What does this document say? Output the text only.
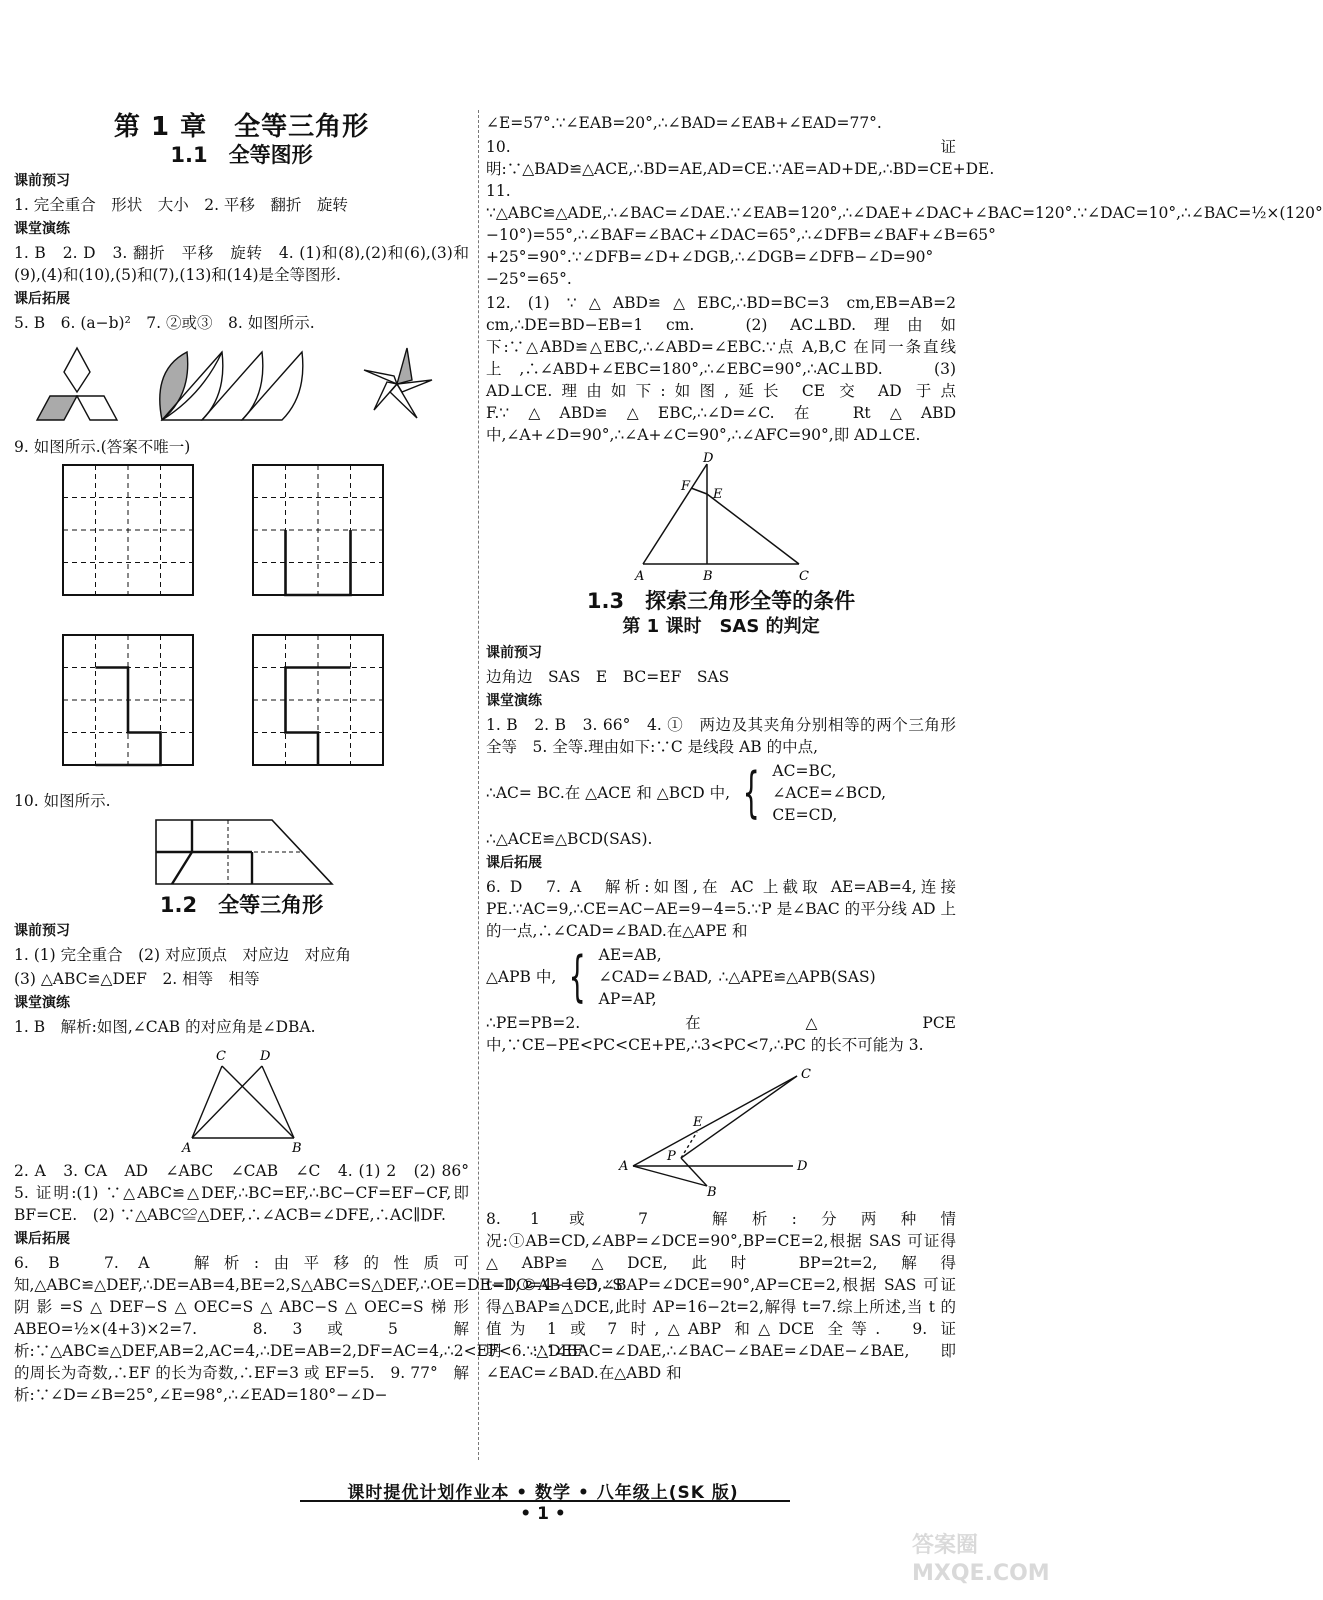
第 1 章　全等三角形
1.1　全等图形
课前预习

1. 完全重合　形状　大小　2. 平移　翻折　旋转

课堂演练

1. B　2. D　3. 翻折　平移　旋转　4. (1)和(8),(2)和(6),(3)和(9),(4)和(10),(5)和(7),(13)和(14)是全等图形.

课后拓展

5. B　6. (a−b)²　7. ②或③　8. 如图所示.

9. 如图所示.(答案不唯一)

10. 如图所示.

1.2　全等三角形
课前预习

1. (1) 完全重合　(2) 对应顶点　对应边　对应角

(3) △ABC≌△DEF　2. 相等　相等

课堂演练

1. B　解析:如图,∠CAB 的对应角是∠DBA.

C	D
A	B

2. A　3. CA　AD　∠ABC　∠CAB　∠C　4. (1) 2　(2) 86°　5. 证明:(1) ∵△ABC≌△DEF,∴BC=EF,∴BC−CF=EF−CF,即 BF=CE.　(2) ∵△ABC≌△DEF,∴∠ACB=∠DFE,∴AC∥DF.

课后拓展

6. B　7. A　解析:由平移的性质可知,△ABC≌△DEF,∴DE=AB=4,BE=2,S△ABC=S△DEF,∴OE=DE−DO=4−1=3,∴S阴影=S△DEF−S△OEC=S△ABC−S△OEC=S梯形ABEO=½×(4+3)×2=7.　8. 3 或 5　解析:∵△ABC≌△DEF,AB=2,AC=4,∴DE=AB=2,DF=AC=4,∴2<EF<6.∵△DEF 的周长为奇数,∴EF 的长为奇数,∴EF=3 或 EF=5.　9. 77°　解析:∵∠D=∠B=25°,∠E=98°,∴∠EAD=180°−∠D−

∠E=57°.∵∠EAB=20°,∴∠BAD=∠EAB+∠EAD=77°.

10. 证明:∵△BAD≌△ACE,∴BD=AE,AD=CE.∵AE=AD+DE,∴BD=CE+DE.　11. ∵△ABC≌△ADE,∴∠BAC=∠DAE.∵∠EAB=120°,∴∠DAE+∠DAC+∠BAC=120°.∵∠DAC=10°,∴∠BAC=½×(120°−10°)=55°,∴∠BAF=∠BAC+∠DAC=65°,∴∠DFB=∠BAF+∠B=65°+25°=90°.∵∠DFB=∠D+∠DGB,∴∠DGB=∠DFB−∠D=90°−25°=65°.

12. (1) ∵△ABD≌△EBC,∴BD=BC=3 cm,EB=AB=2 cm,∴DE=BD−EB=1 cm.　(2) AC⊥BD.理由如下:∵△ABD≌△EBC,∴∠ABD=∠EBC.∵点 A,B,C 在同一条直线上,∴∠ABD+∠EBC=180°,∴∠EBC=90°,∴AC⊥BD.　(3) AD⊥CE.理由如下:如图,延长 CE 交 AD 于点 F.∵△ABD≌△EBC,∴∠D=∠C.在 Rt△ABD 中,∠A+∠D=90°,∴∠A+∠C=90°,∴∠AFC=90°,即 AD⊥CE.

D
F
E
A	B	C
1.3　探索三角形全等的条件
第 1 课时　SAS 的判定
课前预习

边角边　SAS　E　BC=EF　SAS

课堂演练

1. B　2. B　3. 66°　4. ①　两边及其夹角分别相等的两个三角形全等　5. 全等.理由如下:∵C 是线段 AB 的中点,

∴AC= BC.在 △ACE 和 △BCD 中, { AC=BC,
∠ACE=∠BCD,
CE=CD,

∴△ACE≌△BCD(SAS).

课后拓展

6. D　7. A　解析:如图,在 AC 上截取 AE=AB=4,连接 PE.∵AC=9,∴CE=AC−AE=9−4=5.∵P 是∠BAC 的平分线 AD 上的一点,∴∠CAD=∠BAD.在△APE 和

△APB 中, { AE=AB,
∠CAD=∠BAD,
AP=AP,
∴△APE≌△APB(SAS)

∴PE=PB=2.在△PCE 中,∵CE−PE<PC<CE+PE,∴3<PC<7,∴PC 的长不可能为 3.

C
E
A
P
D
B

8. 1 或 7　解析:分两种情况:①AB=CD,∠ABP=∠DCE=90°,BP=CE=2,根据 SAS 可证得△ABP≌△DCE,此时 BP=2t=2,解得 t=1;②AB=CD,∠BAP=∠DCE=90°,AP=CE=2,根据 SAS 可证得△BAP≌△DCE,此时 AP=16−2t=2,解得 t=7.综上所述,当 t 的值为 1 或 7 时,△ABP 和△DCE 全等.　9. 证明:∵∠BAC=∠DAE,∴∠BAC−∠BAE=∠DAE−∠BAE,即∠EAC=∠BAD.在△ABD 和

课时提优计划作业本 • 数学 • 八年级上(SK 版)
• 1 •
答案圈
MXQE.COM
